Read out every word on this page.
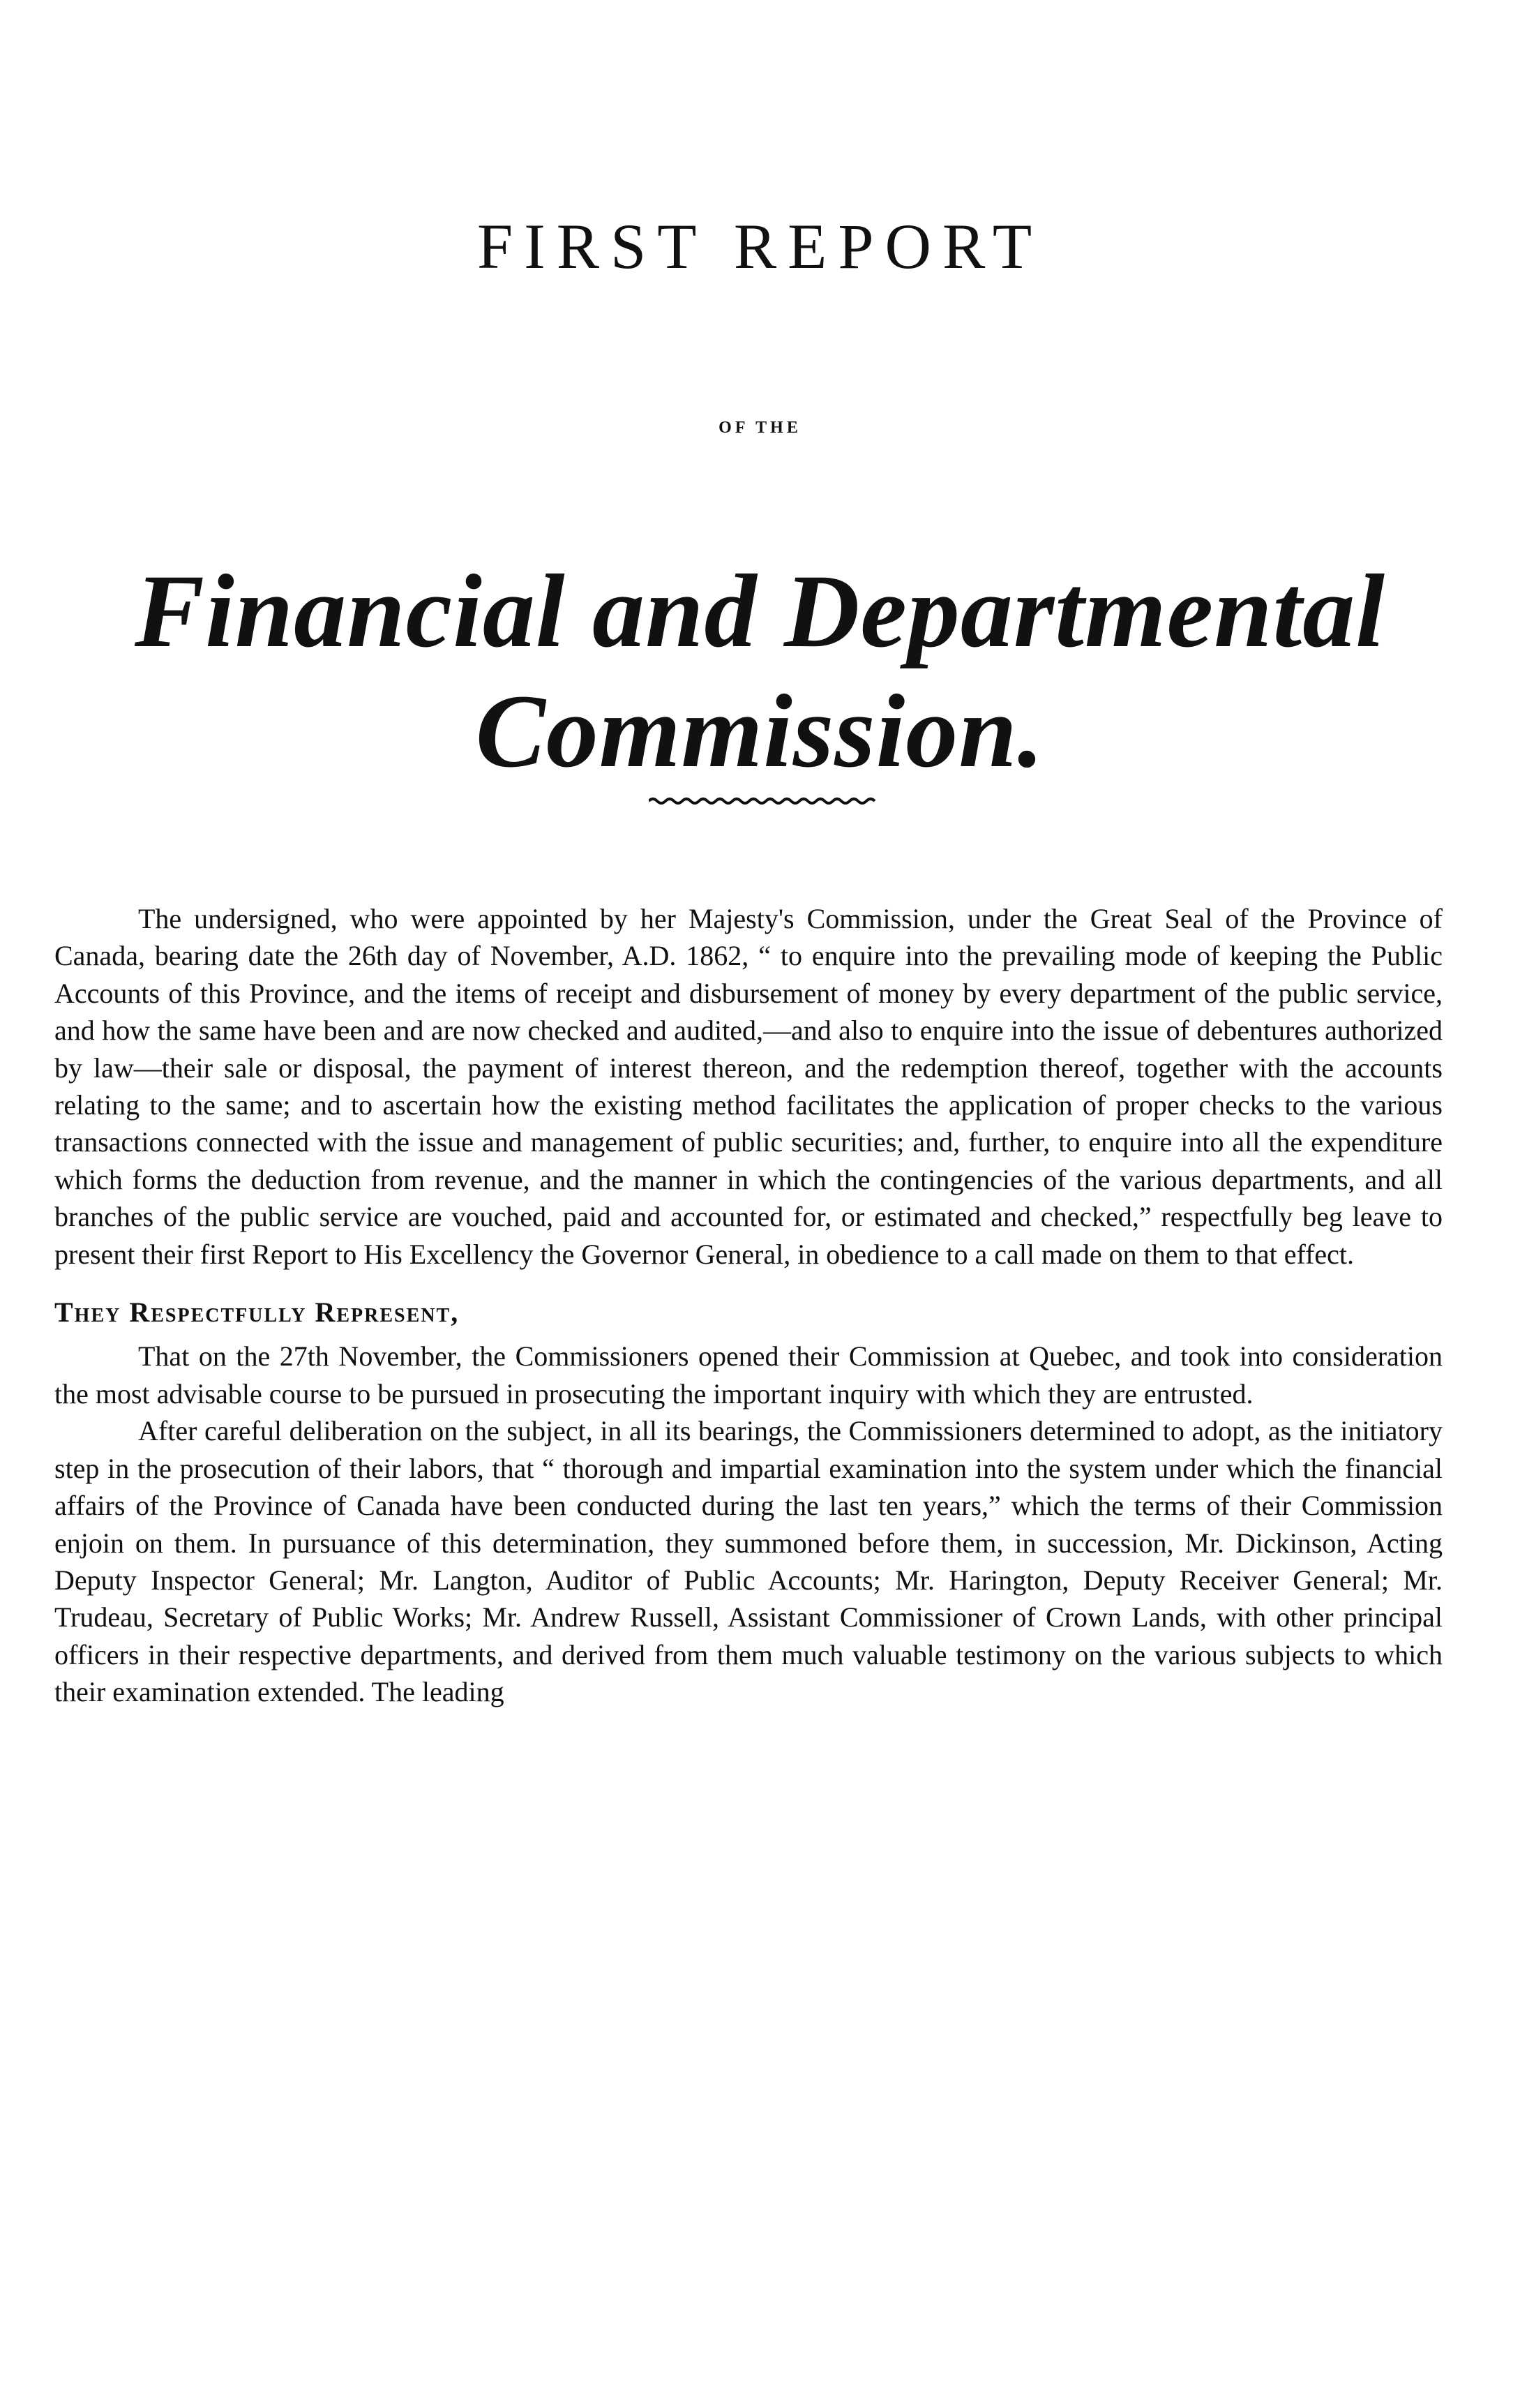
FIRST REPORT
OF THE
Financial and Departmental Commission.

The undersigned, who were appointed by her Majesty's Commission, under the Great Seal of the Province of Canada, bearing date the 26th day of November, A.D. 1862, “ to enquire into the prevailing mode of keeping the Public Accounts of this Province, and the items of receipt and disbursement of money by every department of the public service, and how the same have been and are now checked and audited,—and also to enquire into the issue of debentures authorized by law—their sale or disposal, the payment of interest thereon, and the redemption thereof, together with the accounts relating to the same; and to ascertain how the existing method facilitates the application of proper checks to the various transactions connected with the issue and management of public securities; and, further, to enquire into all the expenditure which forms the deduction from revenue, and the manner in which the contingencies of the various departments, and all branches of the public service are vouched, paid and accounted for, or estimated and checked,” respectfully beg leave to present their first Report to His Excellency the Governor General, in obedience to a call made on them to that effect.

They Respectfully Represent,

That on the 27th November, the Commissioners opened their Commission at Quebec, and took into consideration the most advisable course to be pursued in prosecuting the important inquiry with which they are entrusted.

After careful deliberation on the subject, in all its bearings, the Commissioners determined to adopt, as the initiatory step in the prosecution of their labors, that “ thorough and impartial examination into the system under which the financial affairs of the Province of Canada have been conducted during the last ten years,” which the terms of their Commission enjoin on them. In pursuance of this determination, they summoned before them, in succession, Mr. Dickinson, Acting Deputy Inspector General; Mr. Langton, Auditor of Public Accounts; Mr. Harington, Deputy Receiver General; Mr. Trudeau, Secretary of Public Works; Mr. Andrew Russell, Assistant Commissioner of Crown Lands, with other principal officers in their respective departments, and derived from them much valuable testimony on the various subjects to which their examination extended. The leading
